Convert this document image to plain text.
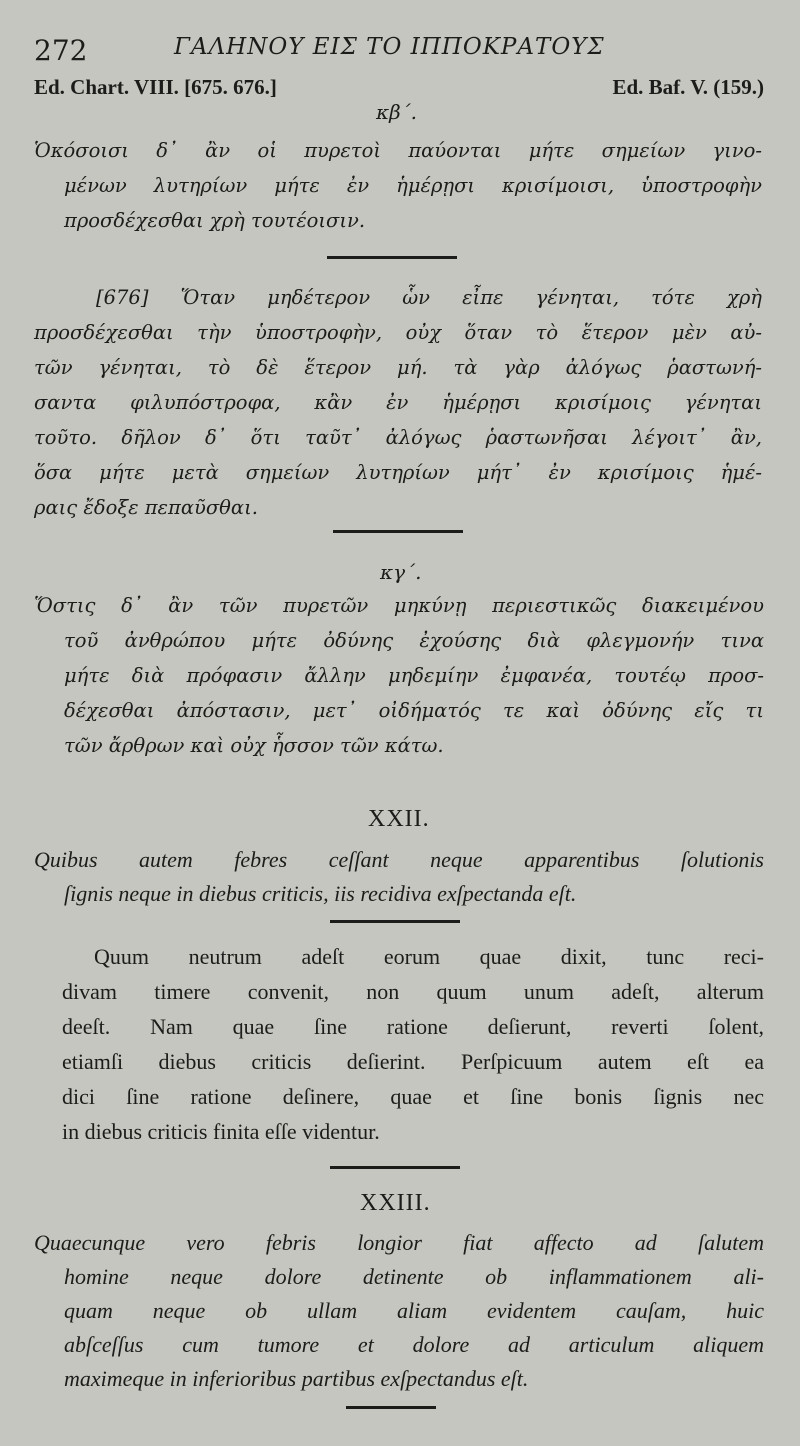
272	ΓΑΛΗΝΟΥ ΕΙΣ ΤΟ ΙΠΠΟΚΡΑΤΟΥΣ
Ed. Chart. VIII. [675. 676.]	Ed. Baf. V. (159.)
κβ΄.
Ὁκόσοισι δ᾽ ἂν οἱ πυρετοὶ παύονται μήτε σημείων γινο-
μένων λυτηρίων μήτε ἐν ἡμέρῃσι κρισίμοισι, ὑποστροφὴν
προσδέχεσθαι χρὴ τουτέοισιν.
[676] Ὅταν μηδέτερον ὧν εἶπε γένηται, τότε χρὴ
προσδέχεσθαι τὴν ὑποστροφὴν, οὐχ ὅταν τὸ ἕτερον μὲν αὐ-
τῶν γένηται, τὸ δὲ ἕτερον μή. τὰ γὰρ ἀλόγως ῥαστωνή-
σαντα φιλυπόστροφα, κἂν ἐν ἡμέρῃσι κρισίμοις γένηται
τοῦτο. δῆλον δ᾽ ὅτι ταῦτ᾽ ἀλόγως ῥαστωνῆσαι λέγοιτ᾽ ἂν,
ὅσα μήτε μετὰ σημείων λυτηρίων μήτ᾽ ἐν κρισίμοις ἡμέ-
ραις ἔδοξε πεπαῦσθαι.
κγ΄.
Ὅστις δ᾽ ἂν τῶν πυρετῶν μηκύνῃ περιεστικῶς διακειμένου
τοῦ ἀνθρώπου μήτε ὀδύνης ἐχούσης διὰ φλεγμονήν τινα
μήτε διὰ πρόφασιν ἄλλην μηδεμίην ἐμφανέα, τουτέῳ προσ-
δέχεσθαι ἀπόστασιν, μετ᾽ οἰδήματός τε καὶ ὀδύνης εἴς τι
τῶν ἄρθρων καὶ οὐχ ἧσσον τῶν κάτω.
XXII.
Quibus autem febres ceſſant neque apparentibus ſolutionis
ſignis neque in diebus criticis, iis recidiva exſpectanda eſt.
Quum neutrum adeſt eorum quae dixit, tunc reci-
divam timere convenit, non quum unum adeſt, alterum
deeſt. Nam quae ſine ratione deſierunt, reverti ſolent,
etiamſi diebus criticis deſierint. Perſpicuum autem eſt ea
dici ſine ratione deſinere, quae et ſine bonis ſignis nec
in diebus criticis finita eſſe videntur.
XXIII.
Quaecunque vero febris longior fiat affecto ad ſalutem
homine neque dolore detinente ob inflammationem ali-
quam neque ob ullam aliam evidentem cauſam, huic
abſceſſus cum tumore et dolore ad articulum aliquem
maximeque in inferioribus partibus exſpectandus eſt.
